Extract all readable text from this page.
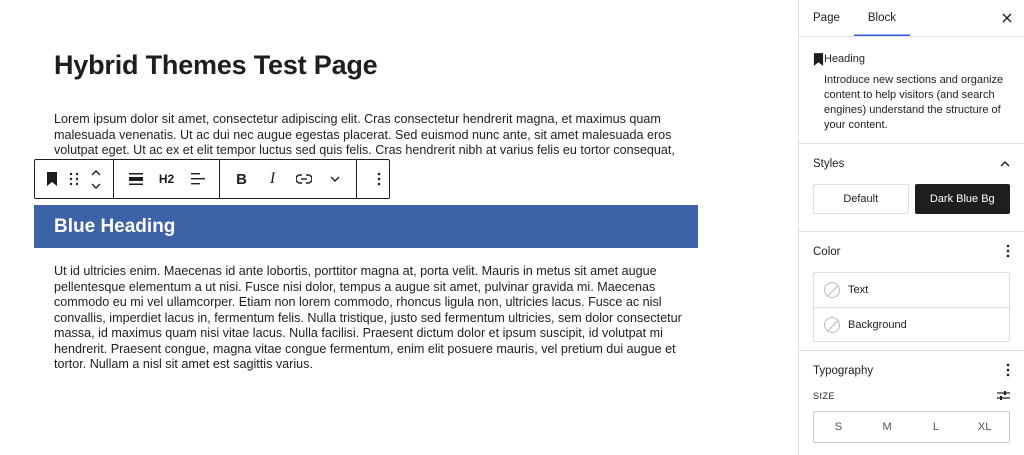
Hybrid Themes Test Page

Lorem ipsum dolor sit amet, consectetur adipiscing elit. Cras consectetur hendrerit magna, et maximus quam malesuada venenatis. Ut ac dui nec augue egestas placerat. Sed euismod nunc ante, sit amet malesuada eros volutpat eget. Ut ac ex et elit tempor luctus sed quis felis. Cras hendrerit nibh at varius felis eu tortor consequat,

Blue Heading

Ut id ultricies enim. Maecenas id ante lobortis, porttitor magna at, porta velit. Mauris in metus sit amet augue pellentesque elementum a ut nisi. Fusce nisi dolor, tempus a augue sit amet, pulvinar gravida mi. Maecenas commodo eu mi vel ullamcorper. Etiam non lorem commodo, rhoncus ligula non, ultricies lacus. Fusce ac nisl convallis, imperdiet lacus in, fermentum felis. Nulla tristique, justo sed fermentum ultricies, sem dolor consectetur massa, id maximus quam nisi vitae lacus. Nulla facilisi. Praesent dictum dolor et ipsum suscipit, id volutpat mi hendrerit. Praesent congue, magna vitae congue fermentum, enim elit posuere mauris, vel pretium dui augue et tortor. Nullam a nisl sit amet est sagittis varius.

H2	B I
Page	Block
Heading
Introduce new sections and organize content to help visitors (and search engines) understand the structure of your content.
Styles
Default	Dark Blue Bg
Color
Text
Background
Typography
SIZE
S	M	L	XL
